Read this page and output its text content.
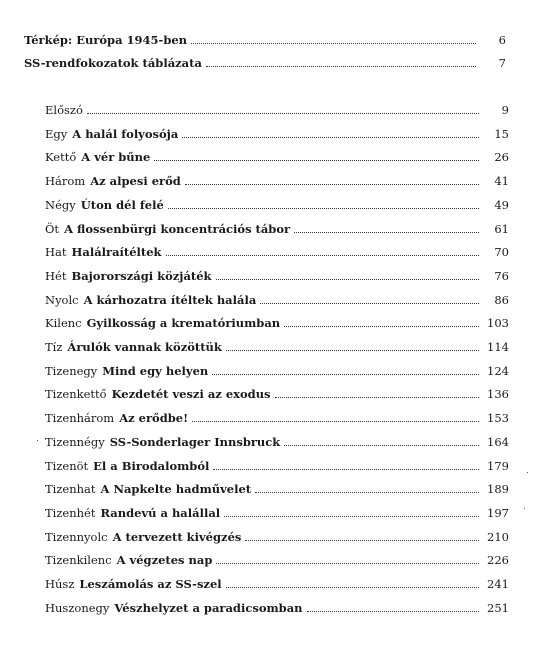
Térkép: Európa 1945-ben	6
SS-rendfokozatok táblázata	7
Előszó	9
Egy A halál folyosója	15
Kettő A vér bűne	26
Három Az alpesi erőd	41
Négy Úton dél felé	49
Öt A flossenbürgi koncentrációs tábor	61
Hat Halálraítéltek	70
Hét Bajorországi közjáték	76
Nyolc A kárhozatra ítéltek halála	86
Kilenc Gyilkosság a krematóriumban	103
Tíz Árulók vannak közöttük	114
Tizenegy Mind egy helyen	124
Tizenkettő Kezdetét veszi az exodus	136
Tizenhárom Az erődbe!	153
Tizennégy SS-Sonderlager Innsbruck	164
Tizenöt El a Birodalomból	179
Tizenhat A Napkelte hadművelet	189
Tizenhét Randevú a halállal	197
Tizennyolc A tervezett kivégzés	210
Tizenkilenc A végzetes nap	226
Húsz Leszámolás az SS-szel	241
Huszonegy Vészhelyzet a paradicsomban	251
